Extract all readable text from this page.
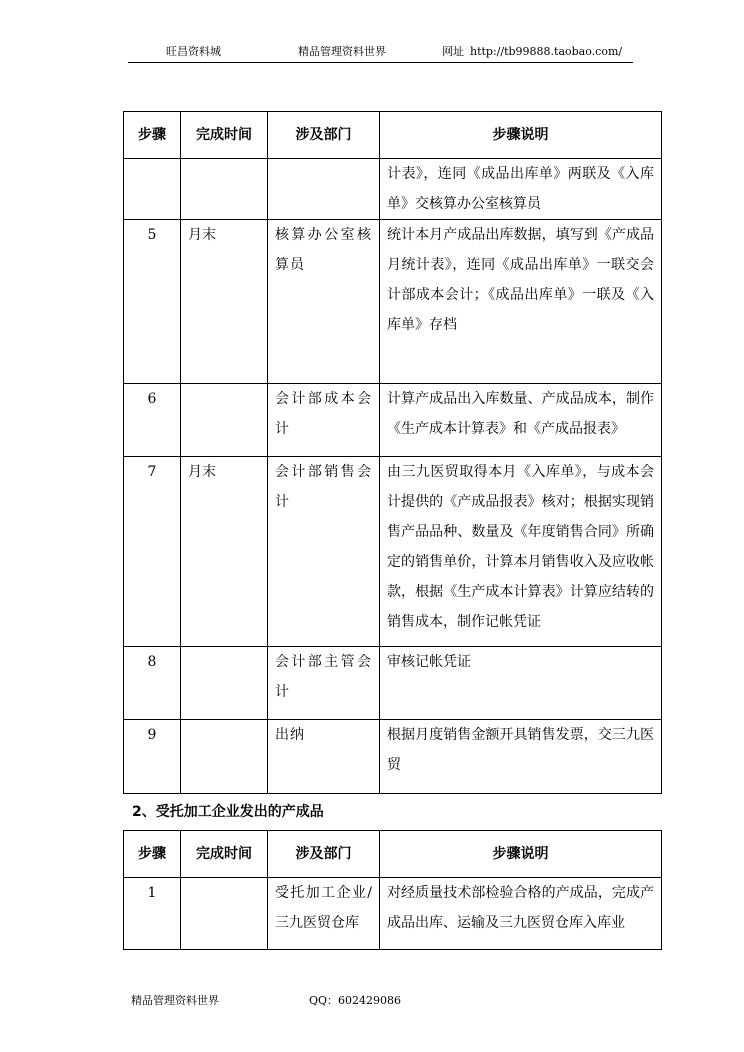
旺昌资料城	精品管理资料世界	网址 http://tb99888.taobao.com/
步骤	完成时间	涉及部门	步骤说明
			计表》，连同《成品出库单》两联及《入库单》交核算办公室核算员
5	月末	核算办公室核算员	统计本月产成品出库数据，填写到《产成品月统计表》，连同《成品出库单》一联交会计部成本会计；《成品出库单》一联及《入库单》存档
6		会计部成本会计	计算产成品出入库数量、产成品成本，制作《生产成本计算表》和《产成品报表》
7	月末	会计部销售会计	由三九医贸取得本月《入库单》，与成本会计提供的《产成品报表》核对；根据实现销售产品品种、数量及《年度销售合同》所确定的销售单价，计算本月销售收入及应收帐款，根据《生产成本计算表》计算应结转的销售成本，制作记帐凭证
8		会计部主管会计	审核记帐凭证
9		出纳	根据月度销售金额开具销售发票，交三九医贸
2、受托加工企业发出的产成品
步骤	完成时间	涉及部门	步骤说明
1		受托加工企业/三九医贸仓库	对经质量技术部检验合格的产成品，完成产成品出库、运输及三九医贸仓库入库业
精品管理资料世界	QQ：602429086
